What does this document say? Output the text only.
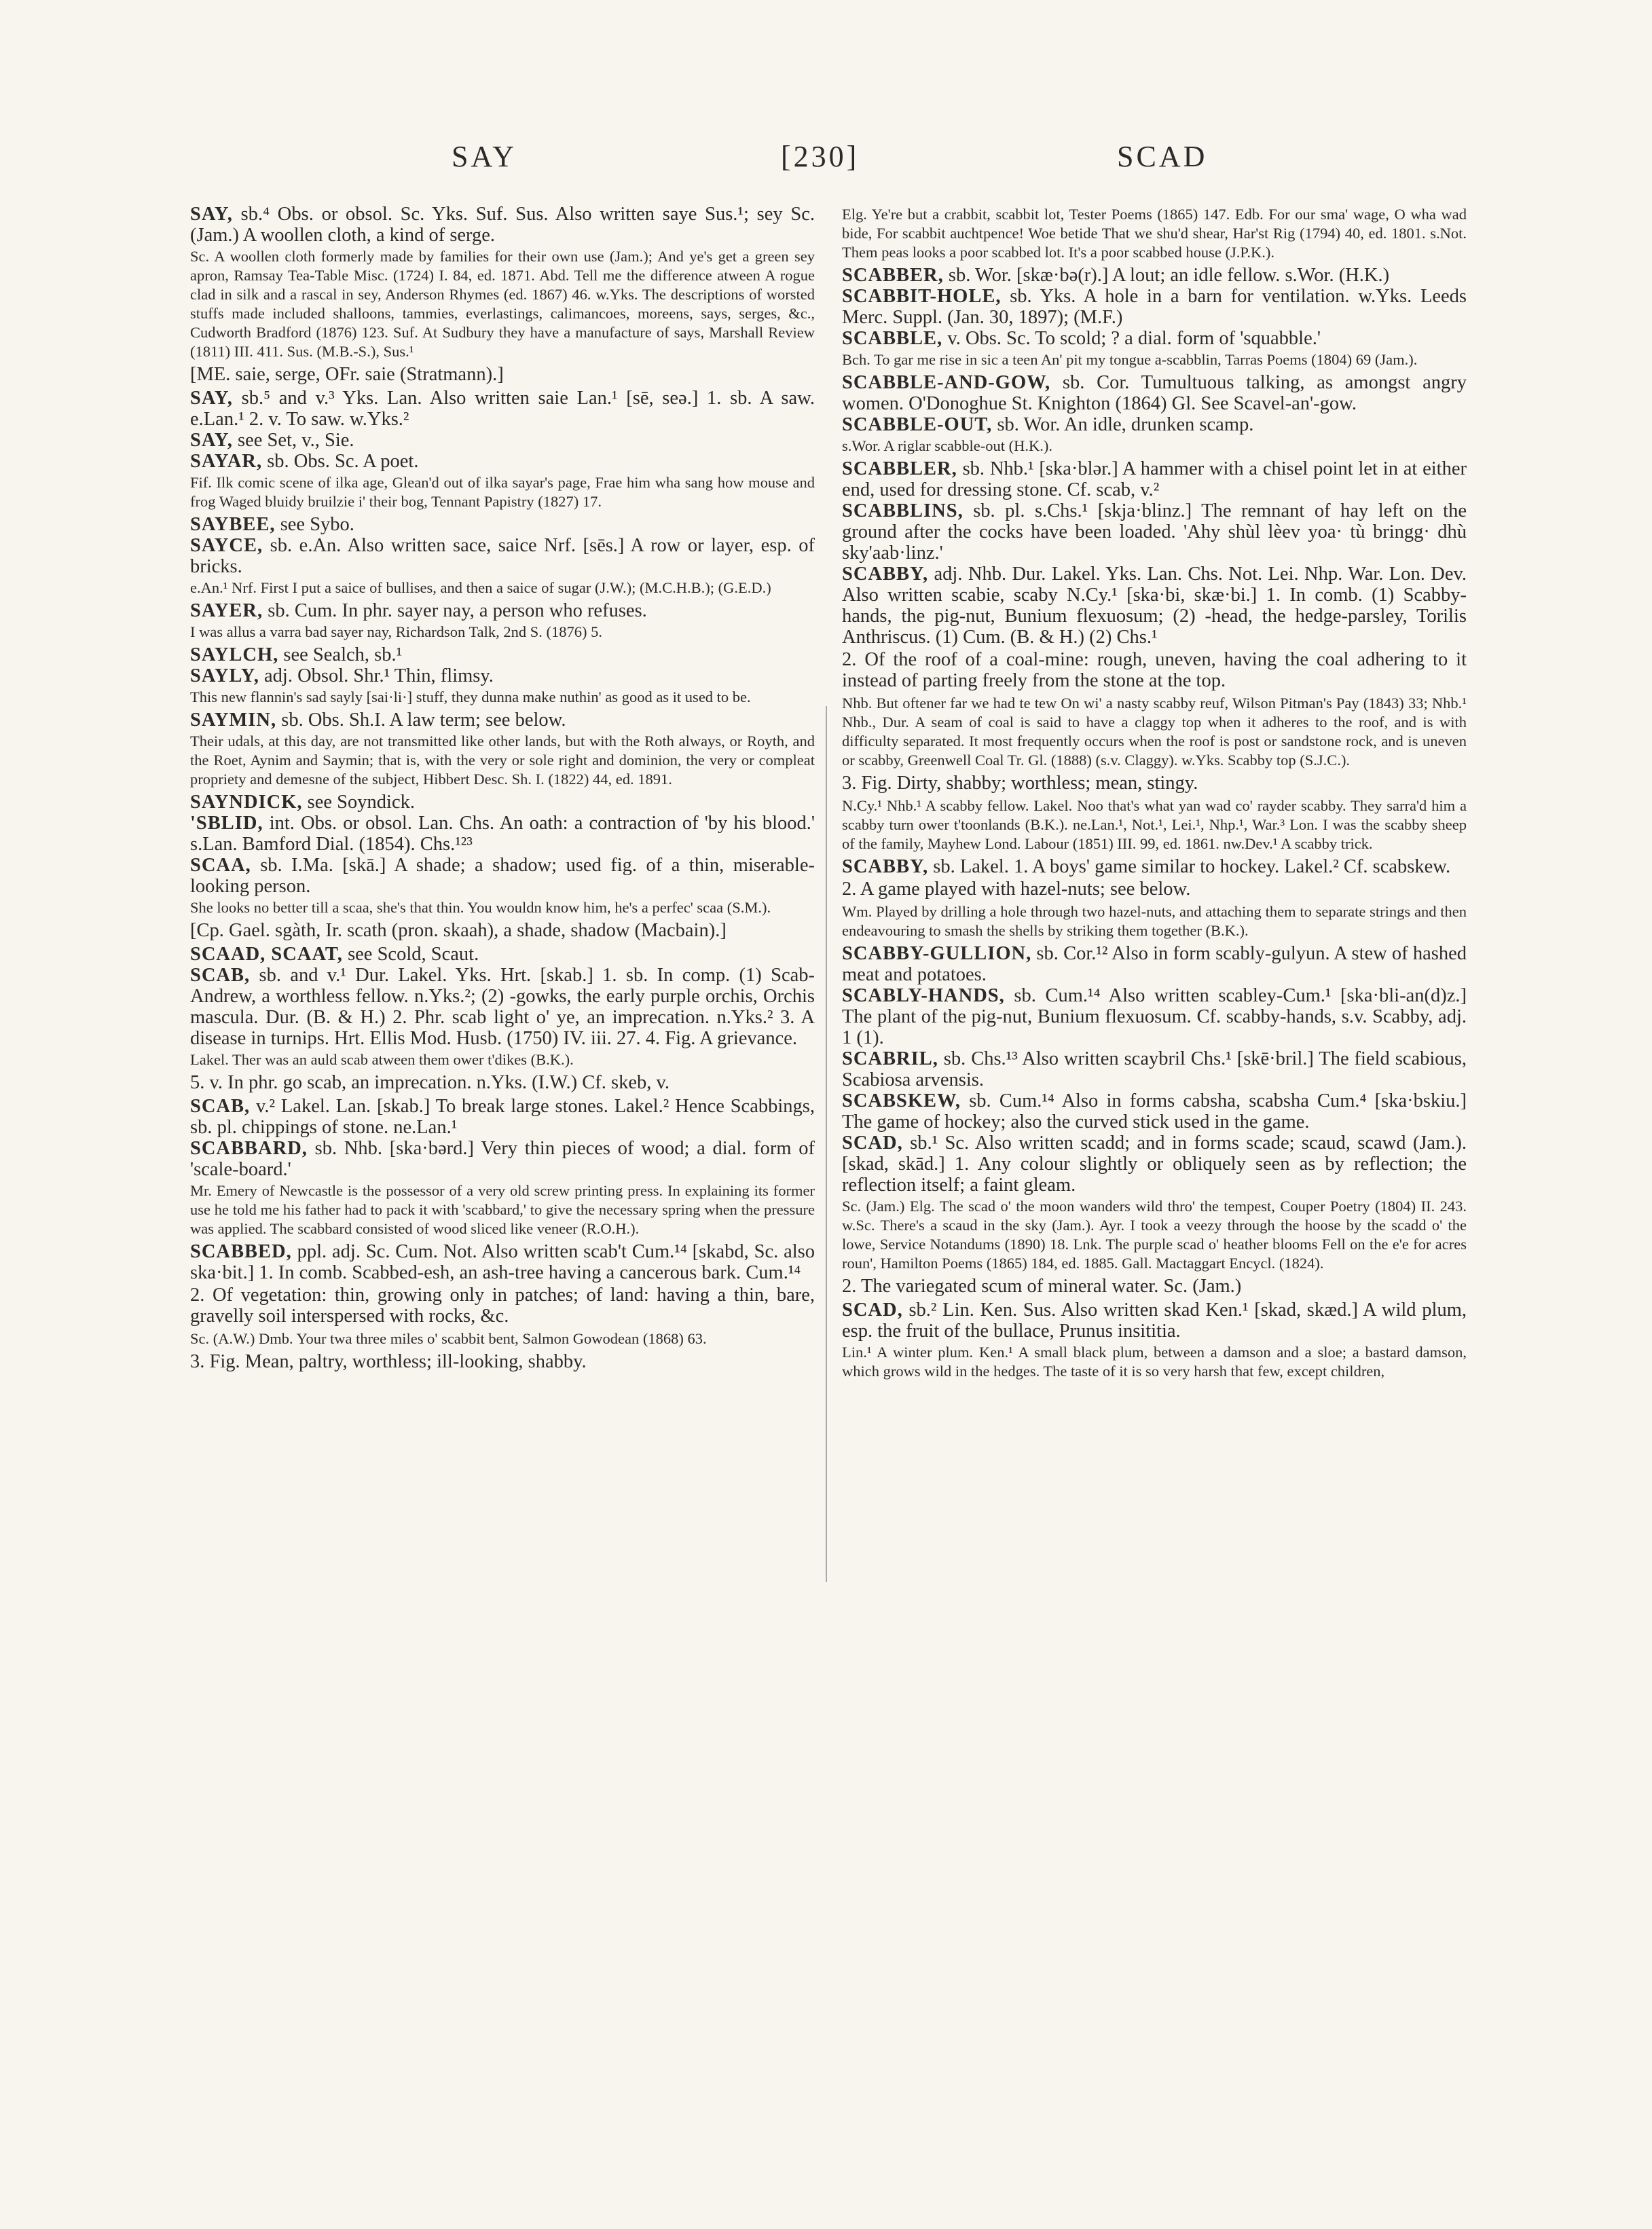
SAY	[230]	SCAD

SAY, sb.⁴ Obs. or obsol. Sc. Yks. Suf. Sus. Also written saye Sus.¹; sey Sc. (Jam.) A woollen cloth, a kind of serge.

Sc. A woollen cloth formerly made by families for their own use (Jam.); And ye's get a green sey apron, Ramsay Tea-Table Misc. (1724) I. 84, ed. 1871. Abd. Tell me the difference atween A rogue clad in silk and a rascal in sey, Anderson Rhymes (ed. 1867) 46. w.Yks. The descriptions of worsted stuffs made included shalloons, tammies, everlastings, calimancoes, moreens, says, serges, &c., Cudworth Bradford (1876) 123. Suf. At Sudbury they have a manufacture of says, Marshall Review (1811) III. 411. Sus. (M.B.-S.), Sus.¹

[ME. saie, serge, OFr. saie (Stratmann).]

SAY, sb.⁵ and v.³ Yks. Lan. Also written saie Lan.¹ [sē, seə.] 1. sb. A saw. e.Lan.¹ 2. v. To saw. w.Yks.²

SAY, see Set, v., Sie.

SAYAR, sb. Obs. Sc. A poet.

Fif. Ilk comic scene of ilka age, Glean'd out of ilka sayar's page, Frae him wha sang how mouse and frog Waged bluidy bruilzie i' their bog, Tennant Papistry (1827) 17.

SAYBEE, see Sybo.

SAYCE, sb. e.An. Also written sace, saice Nrf. [sēs.] A row or layer, esp. of bricks.

e.An.¹ Nrf. First I put a saice of bullises, and then a saice of sugar (J.W.); (M.C.H.B.); (G.E.D.)

SAYER, sb. Cum. In phr. sayer nay, a person who refuses.

I was allus a varra bad sayer nay, Richardson Talk, 2nd S. (1876) 5.

SAYLCH, see Sealch, sb.¹

SAYLY, adj. Obsol. Shr.¹ Thin, flimsy.

This new flannin's sad sayly [sai·li·] stuff, they dunna make nuthin' as good as it used to be.

SAYMIN, sb. Obs. Sh.I. A law term; see below.

Their udals, at this day, are not transmitted like other lands, but with the Roth always, or Royth, and the Roet, Aynim and Saymin; that is, with the very or sole right and dominion, the very or compleat propriety and demesne of the subject, Hibbert Desc. Sh. I. (1822) 44, ed. 1891.

SAYNDICK, see Soyndick.

'SBLID, int. Obs. or obsol. Lan. Chs. An oath: a contraction of 'by his blood.' s.Lan. Bamford Dial. (1854). Chs.¹²³

SCAA, sb. I.Ma. [skā.] A shade; a shadow; used fig. of a thin, miserable-looking person.

She looks no better till a scaa, she's that thin. You wouldn know him, he's a perfec' scaa (S.M.).

[Cp. Gael. sgàth, Ir. scath (pron. skaah), a shade, shadow (Macbain).]

SCAAD, SCAAT, see Scold, Scaut.

SCAB, sb. and v.¹ Dur. Lakel. Yks. Hrt. [skab.] 1. sb. In comp. (1) Scab-Andrew, a worthless fellow. n.Yks.²; (2) -gowks, the early purple orchis, Orchis mascula. Dur. (B. & H.) 2. Phr. scab light o' ye, an imprecation. n.Yks.² 3. A disease in turnips. Hrt. Ellis Mod. Husb. (1750) IV. iii. 27. 4. Fig. A grievance.

Lakel. Ther was an auld scab atween them ower t'dikes (B.K.).

5. v. In phr. go scab, an imprecation. n.Yks. (I.W.) Cf. skeb, v.

SCAB, v.² Lakel. Lan. [skab.] To break large stones. Lakel.² Hence Scabbings, sb. pl. chippings of stone. ne.Lan.¹

SCABBARD, sb. Nhb. [ska·bərd.] Very thin pieces of wood; a dial. form of 'scale-board.'

Mr. Emery of Newcastle is the possessor of a very old screw printing press. In explaining its former use he told me his father had to pack it with 'scabbard,' to give the necessary spring when the pressure was applied. The scabbard consisted of wood sliced like veneer (R.O.H.).

SCABBED, ppl. adj. Sc. Cum. Not. Also written scab't Cum.¹⁴ [skabd, Sc. also ska·bit.] 1. In comb. Scabbed-esh, an ash-tree having a cancerous bark. Cum.¹⁴

2. Of vegetation: thin, growing only in patches; of land: having a thin, bare, gravelly soil interspersed with rocks, &c.

Sc. (A.W.) Dmb. Your twa three miles o' scabbit bent, Salmon Gowodean (1868) 63.

3. Fig. Mean, paltry, worthless; ill-looking, shabby.

Elg. Ye're but a crabbit, scabbit lot, Tester Poems (1865) 147. Edb. For our sma' wage, O wha wad bide, For scabbit auchtpence! Woe betide That we shu'd shear, Har'st Rig (1794) 40, ed. 1801. s.Not. Them peas looks a poor scabbed lot. It's a poor scabbed house (J.P.K.).

SCABBER, sb. Wor. [skæ·bə(r).] A lout; an idle fellow. s.Wor. (H.K.)

SCABBIT-HOLE, sb. Yks. A hole in a barn for ventilation. w.Yks. Leeds Merc. Suppl. (Jan. 30, 1897); (M.F.)

SCABBLE, v. Obs. Sc. To scold; ? a dial. form of 'squabble.'

Bch. To gar me rise in sic a teen An' pit my tongue a-scabblin, Tarras Poems (1804) 69 (Jam.).

SCABBLE-AND-GOW, sb. Cor. Tumultuous talking, as amongst angry women. O'Donoghue St. Knighton (1864) Gl. See Scavel-an'-gow.

SCABBLE-OUT, sb. Wor. An idle, drunken scamp.

s.Wor. A riglar scabble-out (H.K.).

SCABBLER, sb. Nhb.¹ [ska·blər.] A hammer with a chisel point let in at either end, used for dressing stone. Cf. scab, v.²

SCABBLINS, sb. pl. s.Chs.¹ [skja·blinz.] The remnant of hay left on the ground after the cocks have been loaded. 'Ahy shùl lèev yoa· tù bringg· dhù sky'aab·linz.'

SCABBY, adj. Nhb. Dur. Lakel. Yks. Lan. Chs. Not. Lei. Nhp. War. Lon. Dev. Also written scabie, scaby N.Cy.¹ [ska·bi, skæ·bi.] 1. In comb. (1) Scabby-hands, the pig-nut, Bunium flexuosum; (2) -head, the hedge-parsley, Torilis Anthriscus. (1) Cum. (B. & H.) (2) Chs.¹

2. Of the roof of a coal-mine: rough, uneven, having the coal adhering to it instead of parting freely from the stone at the top.

Nhb. But oftener far we had te tew On wi' a nasty scabby reuf, Wilson Pitman's Pay (1843) 33; Nhb.¹ Nhb., Dur. A seam of coal is said to have a claggy top when it adheres to the roof, and is with difficulty separated. It most frequently occurs when the roof is post or sandstone rock, and is uneven or scabby, Greenwell Coal Tr. Gl. (1888) (s.v. Claggy). w.Yks. Scabby top (S.J.C.).

3. Fig. Dirty, shabby; worthless; mean, stingy.

N.Cy.¹ Nhb.¹ A scabby fellow. Lakel. Noo that's what yan wad co' rayder scabby. They sarra'd him a scabby turn ower t'toonlands (B.K.). ne.Lan.¹, Not.¹, Lei.¹, Nhp.¹, War.³ Lon. I was the scabby sheep of the family, Mayhew Lond. Labour (1851) III. 99, ed. 1861. nw.Dev.¹ A scabby trick.

SCABBY, sb. Lakel. 1. A boys' game similar to hockey. Lakel.² Cf. scabskew.

2. A game played with hazel-nuts; see below.

Wm. Played by drilling a hole through two hazel-nuts, and attaching them to separate strings and then endeavouring to smash the shells by striking them together (B.K.).

SCABBY-GULLION, sb. Cor.¹² Also in form scably-gulyun. A stew of hashed meat and potatoes.

SCABLY-HANDS, sb. Cum.¹⁴ Also written scabley-Cum.¹ [ska·bli-an(d)z.] The plant of the pig-nut, Bunium flexuosum. Cf. scabby-hands, s.v. Scabby, adj. 1 (1).

SCABRIL, sb. Chs.¹³ Also written scaybril Chs.¹ [skē·bril.] The field scabious, Scabiosa arvensis.

SCABSKEW, sb. Cum.¹⁴ Also in forms cabsha, scabsha Cum.⁴ [ska·bskiu.] The game of hockey; also the curved stick used in the game.

SCAD, sb.¹ Sc. Also written scadd; and in forms scade; scaud, scawd (Jam.). [skad, skād.] 1. Any colour slightly or obliquely seen as by reflection; the reflection itself; a faint gleam.

Sc. (Jam.) Elg. The scad o' the moon wanders wild thro' the tempest, Couper Poetry (1804) II. 243. w.Sc. There's a scaud in the sky (Jam.). Ayr. I took a veezy through the hoose by the scadd o' the lowe, Service Notandums (1890) 18. Lnk. The purple scad o' heather blooms Fell on the e'e for acres roun', Hamilton Poems (1865) 184, ed. 1885. Gall. Mactaggart Encycl. (1824).

2. The variegated scum of mineral water. Sc. (Jam.)

SCAD, sb.² Lin. Ken. Sus. Also written skad Ken.¹ [skad, skæd.] A wild plum, esp. the fruit of the bullace, Prunus insititia.

Lin.¹ A winter plum. Ken.¹ A small black plum, between a damson and a sloe; a bastard damson, which grows wild in the hedges. The taste of it is so very harsh that few, except children,
